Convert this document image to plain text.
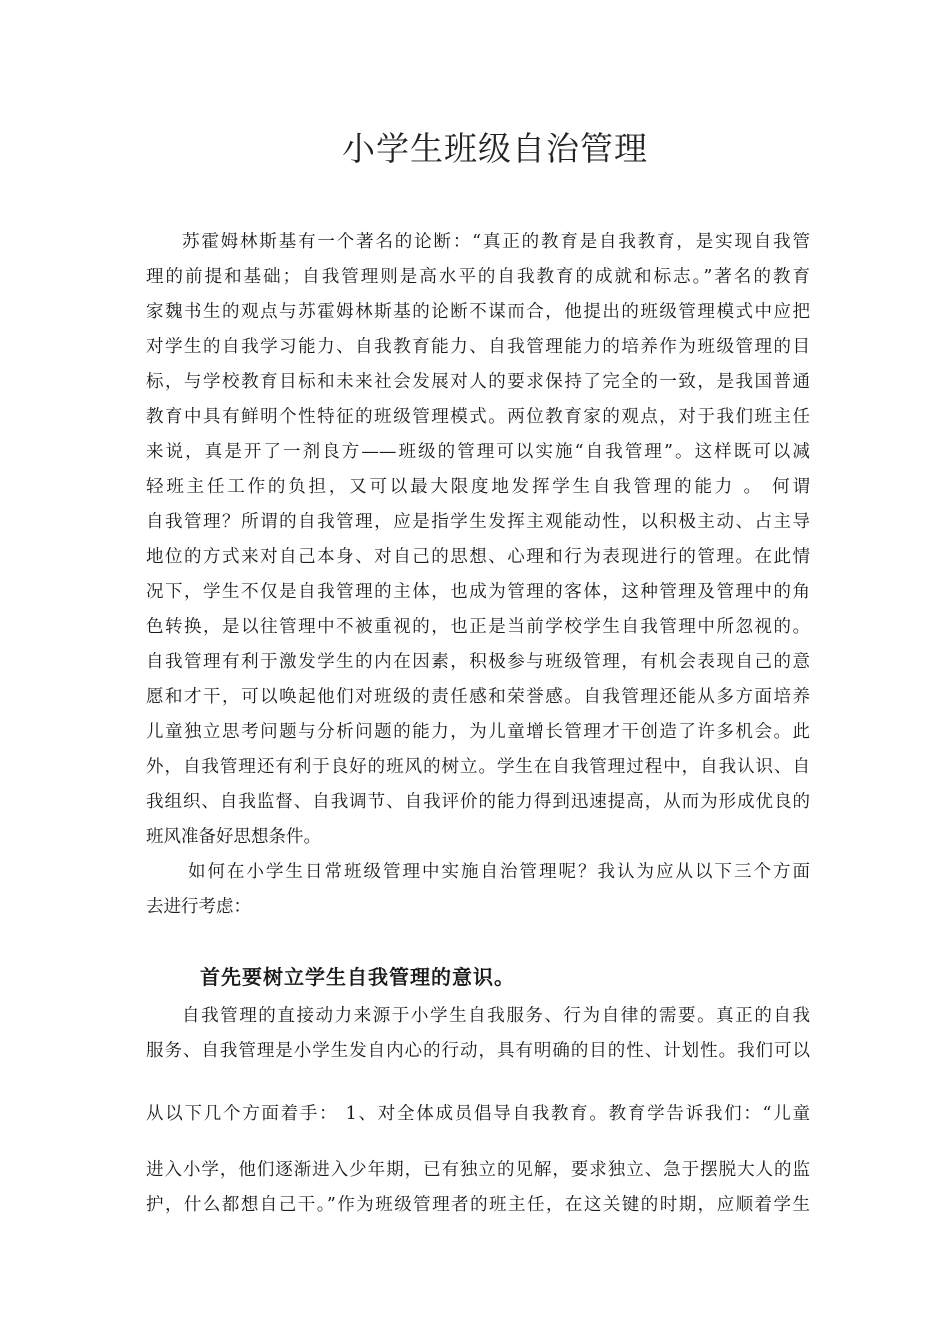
小学生班级自治管理
苏霍姆林斯基有一个著名的论断：“真正的教育是自我教育，是实现自我管
理的前提和基础；自我管理则是高水平的自我教育的成就和标志。”著名的教育
家魏书生的观点与苏霍姆林斯基的论断不谋而合，他提出的班级管理模式中应把
对学生的自我学习能力、自我教育能力、自我管理能力的培养作为班级管理的目
标，与学校教育目标和未来社会发展对人的要求保持了完全的一致，是我国普通
教育中具有鲜明个性特征的班级管理模式。两位教育家的观点，对于我们班主任
来说，真是开了一剂良方——班级的管理可以实施“自我管理”。这样既可以减
轻班主任工作的负担，又可以最大限度地发挥学生自我管理的能力 。 何谓
自我管理？所谓的自我管理，应是指学生发挥主观能动性，以积极主动、占主导
地位的方式来对自己本身、对自己的思想、心理和行为表现进行的管理。在此情
况下，学生不仅是自我管理的主体，也成为管理的客体，这种管理及管理中的角
色转换，是以往管理中不被重视的，也正是当前学校学生自我管理中所忽视的。
自我管理有利于激发学生的内在因素，积极参与班级管理，有机会表现自己的意
愿和才干，可以唤起他们对班级的责任感和荣誉感。自我管理还能从多方面培养
儿童独立思考问题与分析问题的能力，为儿童增长管理才干创造了许多机会。此
外，自我管理还有利于良好的班风的树立。学生在自我管理过程中，自我认识、自
我组织、自我监督、自我调节、自我评价的能力得到迅速提高，从而为形成优良的
班风准备好思想条件。
如何在小学生日常班级管理中实施自治管理呢？我认为应从以下三个方面
去进行考虑：
首先要树立学生自我管理的意识。
自我管理的直接动力来源于小学生自我服务、行为自律的需要。真正的自我
服务、自我管理是小学生发自内心的行动，具有明确的目的性、计划性。我们可以
从以下几个方面着手： 1、对全体成员倡导自我教育。教育学告诉我们：“儿童
进入小学，他们逐渐进入少年期，已有独立的见解，要求独立、急于摆脱大人的监
护，什么都想自己干。”作为班级管理者的班主任，在这关键的时期，应顺着学生
